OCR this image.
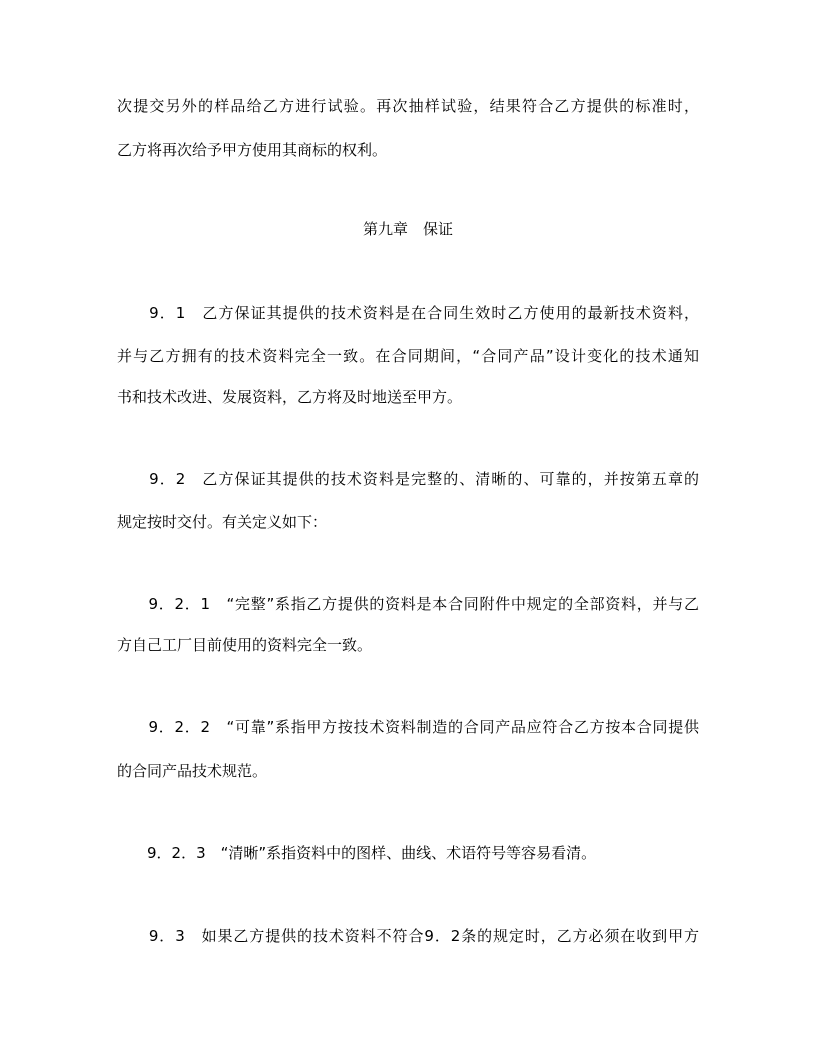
次提交另外的样品给乙方进行试验。再次抽样试验，结果符合乙方提供的标准时，
乙方将再次给予甲方使用其商标的权利。
第九章　保证
　　9．1　乙方保证其提供的技术资料是在合同生效时乙方使用的最新技术资料，
并与乙方拥有的技术资料完全一致。在合同期间，“合同产品”设计变化的技术通知
书和技术改进、发展资料，乙方将及时地送至甲方。
　　9．2　乙方保证其提供的技术资料是完整的、清晰的、可靠的，并按第五章的
规定按时交付。有关定义如下：
　　9．2．1　“完整”系指乙方提供的资料是本合同附件中规定的全部资料，并与乙
方自己工厂目前使用的资料完全一致。
　　9．2．2　“可靠”系指甲方按技术资料制造的合同产品应符合乙方按本合同提供
的合同产品技术规范。
　　9．2．3　“清晰”系指资料中的图样、曲线、术语符号等容易看清。
　　9．3　如果乙方提供的技术资料不符合9．2条的规定时，乙方必须在收到甲方
